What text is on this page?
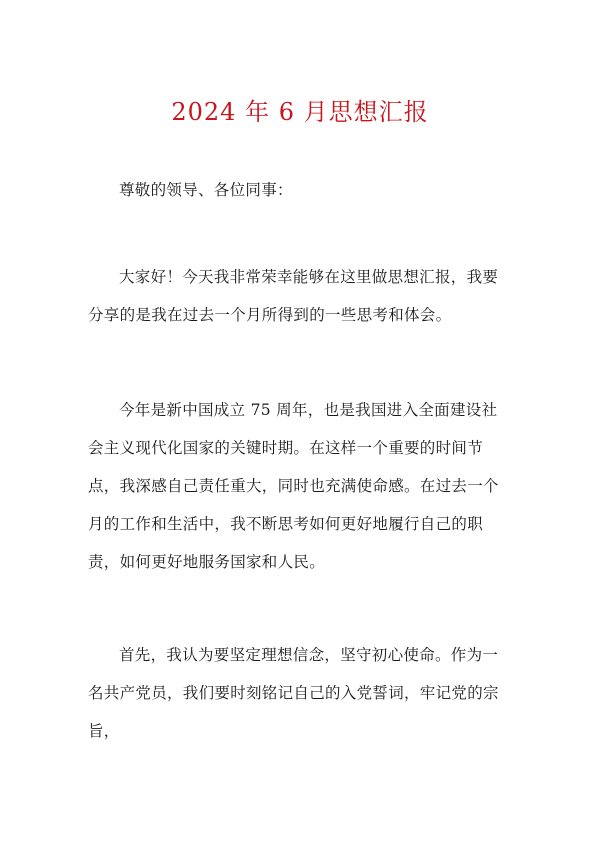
2024 年 6 月思想汇报

尊敬的领导、各位同事：

大家好！今天我非常荣幸能够在这里做思想汇报，我要分享的是我在过去一个月所得到的一些思考和体会。

今年是新中国成立 75 周年，也是我国进入全面建设社会主义现代化国家的关键时期。在这样一个重要的时间节点，我深感自己责任重大，同时也充满使命感。在过去一个月的工作和生活中，我不断思考如何更好地履行自己的职责，如何更好地服务国家和人民。

首先，我认为要坚定理想信念，坚守初心使命。作为一名共产党员，我们要时刻铭记自己的入党誓词，牢记党的宗旨，
